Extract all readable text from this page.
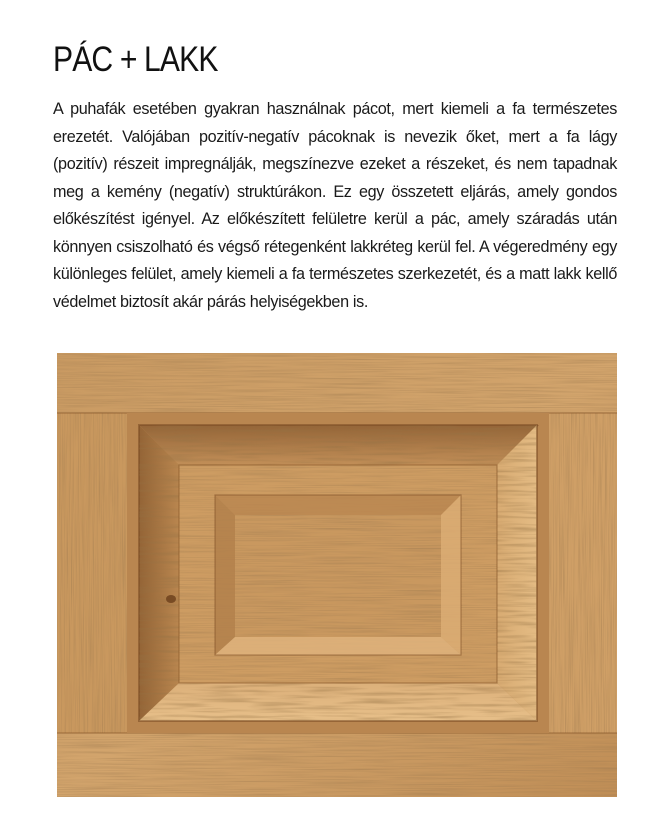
PÁC + LAKK

A puhafák esetében gyakran használnak pácot, mert kiemeli a fa természetes erezetét. Valójában pozitív-negatív pácoknak is nevezik őket, mert a fa lágy (pozitív) részeit impregnálják, megszínezve ezeket a részeket, és nem tapadnak meg a kemény (negatív) struktúrákon. Ez egy összetett eljárás, amely gondos előkészítést igényel. Az előkészített felületre kerül a pác, amely száradás után könnyen csiszolható és végső rétegenként lakkréteg kerül fel. A végeredmény egy különleges felület, amely kiemeli a fa természetes szerkezetét, és a matt lakk kellő védelmet biztosít akár párás helyiségekben is.
